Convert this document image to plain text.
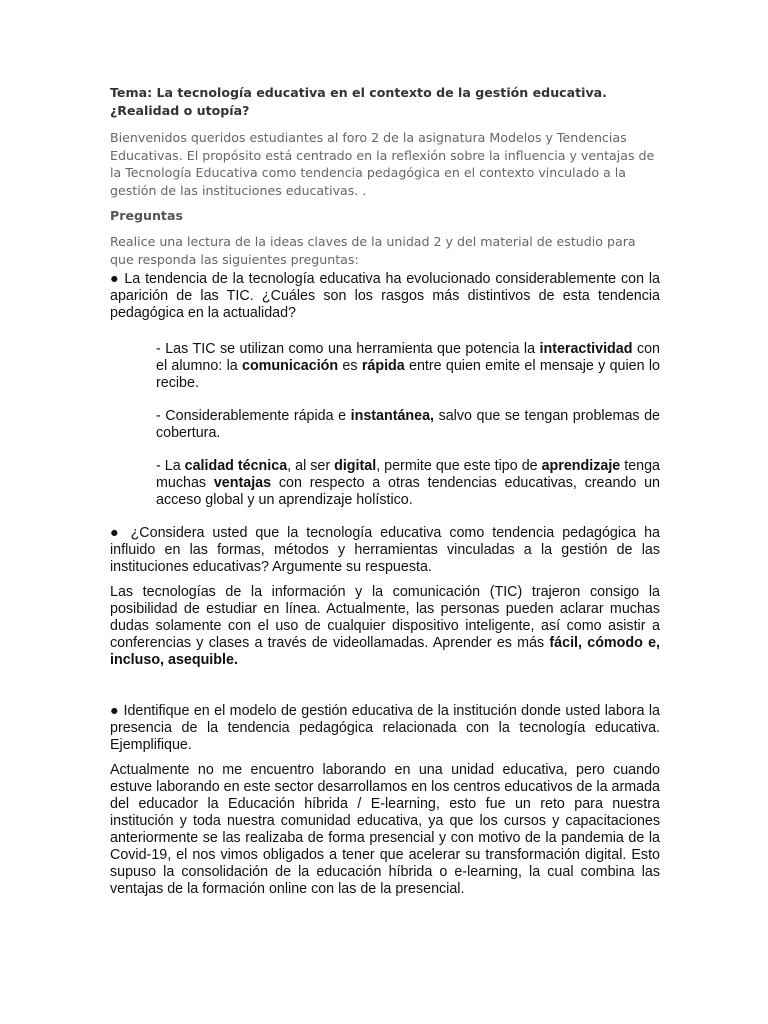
Tema: La tecnología educativa en el contexto de la gestión educativa. ¿Realidad o utopía?

Bienvenidos queridos estudiantes al foro 2 de la asignatura Modelos y Tendencias Educativas. El propósito está centrado en la reflexión sobre la influencia y ventajas de la Tecnología Educativa como tendencia pedagógica en el contexto vinculado a la gestión de las instituciones educativas. .

Preguntas

Realice una lectura de la ideas claves de la unidad 2 y del material de estudio para que responda las siguientes preguntas:

● La tendencia de la tecnología educativa ha evolucionado considerablemente con la aparición de las TIC. ¿Cuáles son los rasgos más distintivos de esta tendencia pedagógica en la actualidad?

- Las TIC se utilizan como una herramienta que potencia la interactividad con el alumno: la comunicación es rápida entre quien emite el mensaje y quien lo recibe.

- Considerablemente rápida e instantánea, salvo que se tengan problemas de cobertura.

- La calidad técnica, al ser digital, permite que este tipo de aprendizaje tenga muchas ventajas con respecto a otras tendencias educativas, creando un acceso global y un aprendizaje holístico.

● ¿Considera usted que la tecnología educativa como tendencia pedagógica ha influido en las formas, métodos y herramientas vinculadas a la gestión de las instituciones educativas? Argumente su respuesta.

Las tecnologías de la información y la comunicación (TIC) trajeron consigo la posibilidad de estudiar en línea. Actualmente, las personas pueden aclarar muchas dudas solamente con el uso de cualquier dispositivo inteligente, así como asistir a conferencias y clases a través de videollamadas. Aprender es más fácil, cómodo e, incluso, asequible.

● Identifique en el modelo de gestión educativa de la institución donde usted labora la presencia de la tendencia pedagógica relacionada con la tecnología educativa. Ejemplifique.

Actualmente no me encuentro laborando en una unidad educativa, pero cuando estuve laborando en este sector desarrollamos en los centros educativos de la armada del educador la Educación híbrida / E-learning, esto fue un reto para nuestra institución y toda nuestra comunidad educativa, ya que los cursos y capacitaciones anteriormente se las realizaba de forma presencial y con motivo de la pandemia de la Covid-19, el nos vimos obligados a tener que acelerar su transformación digital. Esto supuso la consolidación de la educación híbrida o e-learning, la cual combina las ventajas de la formación online con las de la presencial.
